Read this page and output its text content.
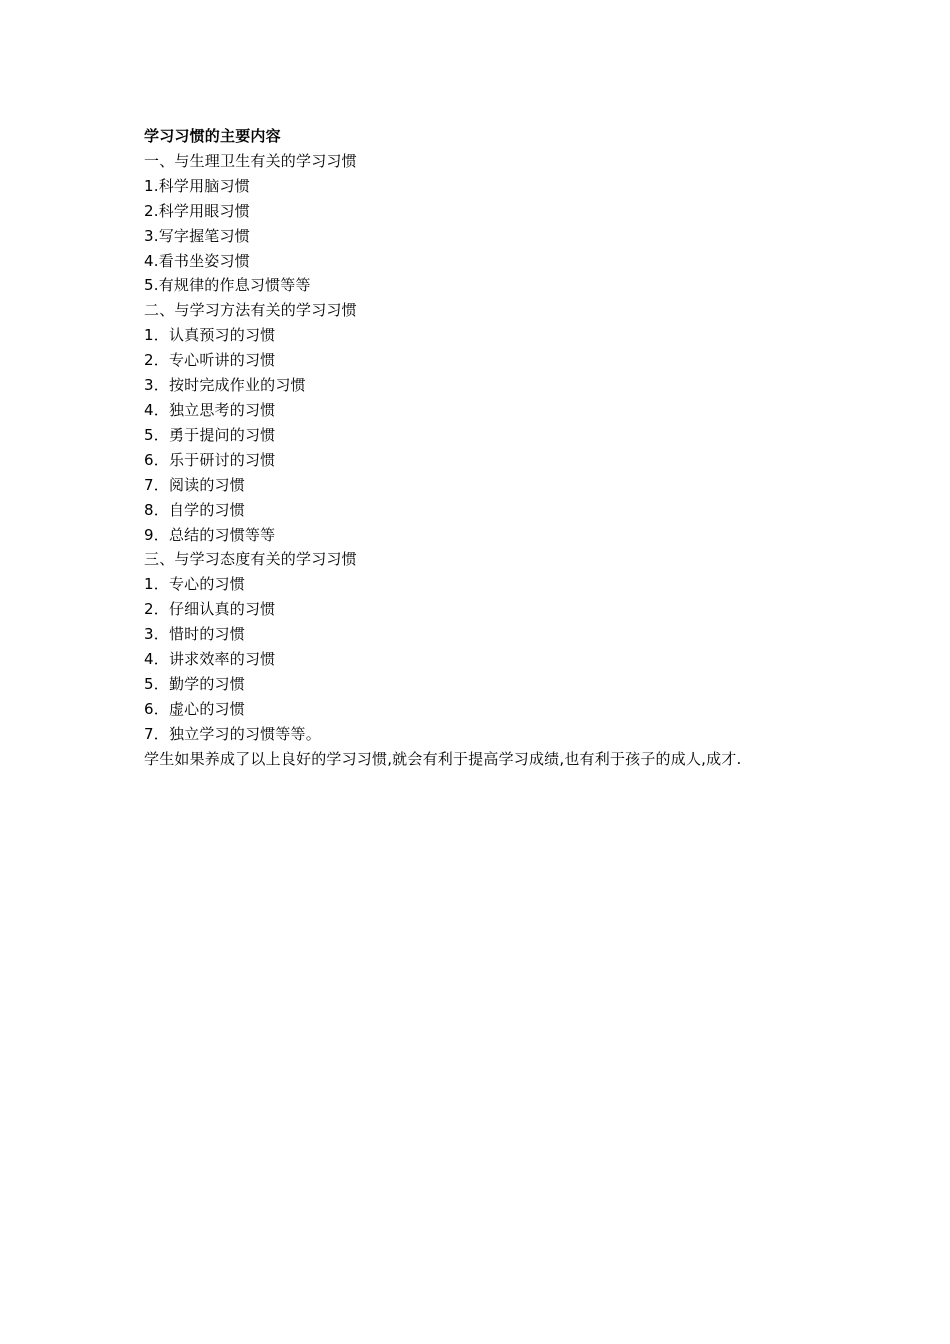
学习习惯的主要内容
一、与生理卫生有关的学习习惯
1.科学用脑习惯
2.科学用眼习惯
3.写字握笔习惯
4.看书坐姿习惯
5.有规律的作息习惯等等
二、与学习方法有关的学习习惯
1．认真预习的习惯
2．专心听讲的习惯
3．按时完成作业的习惯
4．独立思考的习惯
5．勇于提问的习惯
6．乐于研讨的习惯
7．阅读的习惯
8．自学的习惯
9．总结的习惯等等
三、与学习态度有关的学习习惯
1．专心的习惯
2．仔细认真的习惯
3．惜时的习惯
4．讲求效率的习惯
5．勤学的习惯
6．虚心的习惯
7．独立学习的习惯等等。
学生如果养成了以上良好的学习习惯,就会有利于提高学习成绩,也有利于孩子的成人,成才.
